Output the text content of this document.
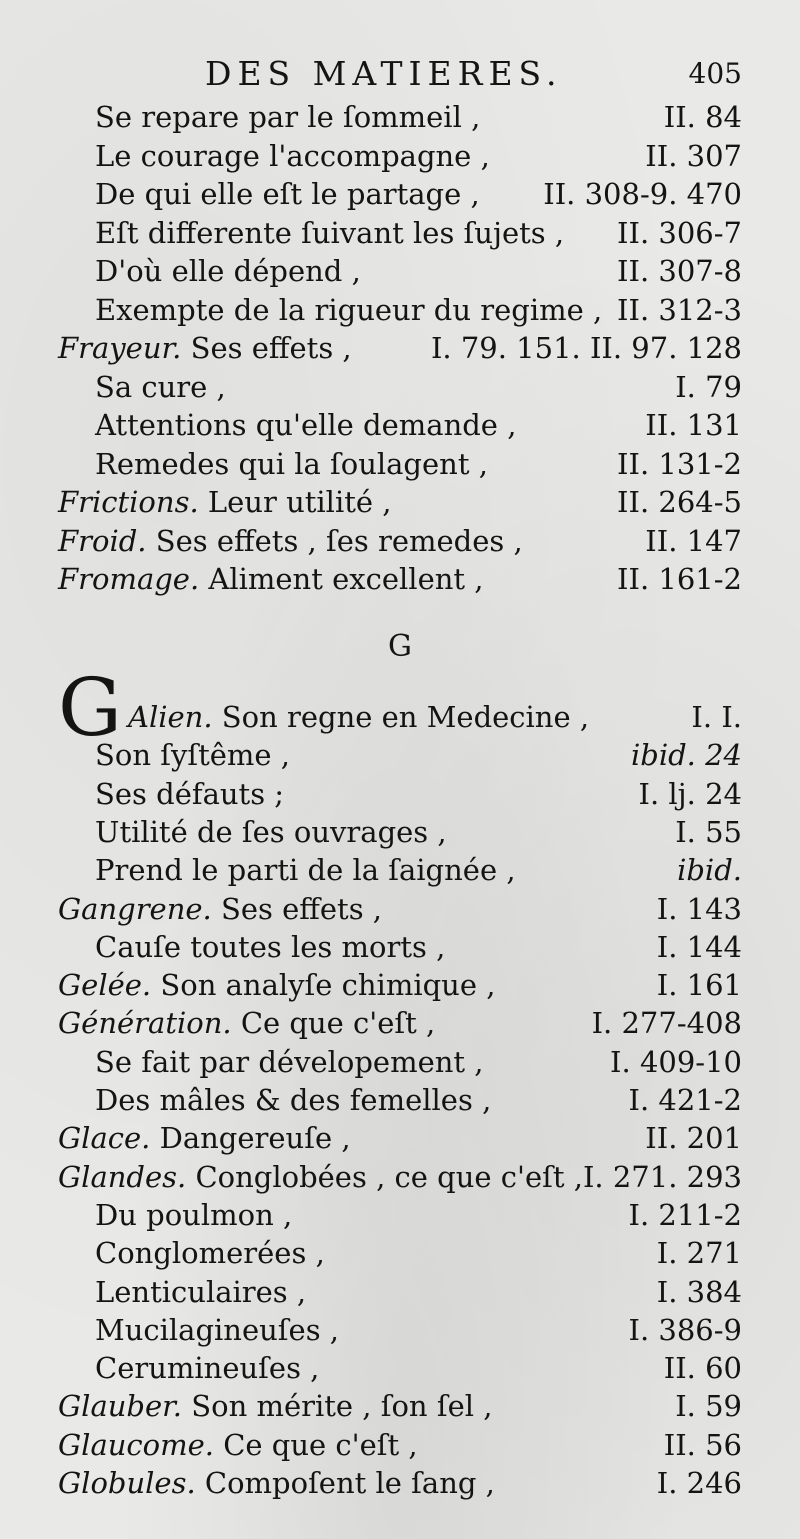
DES MATIERES.	405
Se repare par le ſommeil ,	II. 84
Le courage l'accompagne ,	II. 307
De qui elle eſt le partage , II. 308-9. 470
Eſt differente ſuivant les ſujets , II. 306-7
D'où elle dépend ,	II. 307-8
Exempte de la rigueur du regime , II. 312-3
Frayeur. Ses effets ,	I. 79. 151. II. 97. 128
Sa cure ,	I. 79
Attentions qu'elle demande ,	II. 131
Remedes qui la ſoulagent ,	II. 131-2
Frictions. Leur utilité ,	II. 264-5
Froid. Ses effets , ſes remedes ,	II. 147
Fromage. Aliment excellent ,	II. 161-2
G
G Alien. Son regne en Medecine ,	I. I.
Son ſyſtême ,	ibid. 24
Ses défauts ;	I. lj. 24
Utilité de ſes ouvrages ,	I. 55
Prend le parti de la ſaignée ,	ibid.
Gangrene. Ses effets ,	I. 143
Cauſe toutes les morts ,	I. 144
Gelée. Son analyſe chimique ,	I. 161
Génération. Ce que c'eſt ,	I. 277-408
Se fait par dévelopement ,	I. 409-10
Des mâles & des femelles ,	I. 421-2
Glace. Dangereuſe ,	II. 201
Glandes. Conglobées , ce que c'eſt , I. 271. 293
Du poulmon ,	I. 211-2
Conglomerées ,	I. 271
Lenticulaires ,	I. 384
Mucilagineuſes ,	I. 386-9
Cerumineuſes ,	II. 60
Glauber. Son mérite , ſon ſel ,	I. 59
Glaucome. Ce que c'eſt ,	II. 56
Globules. Compoſent le ſang ,	I. 246
